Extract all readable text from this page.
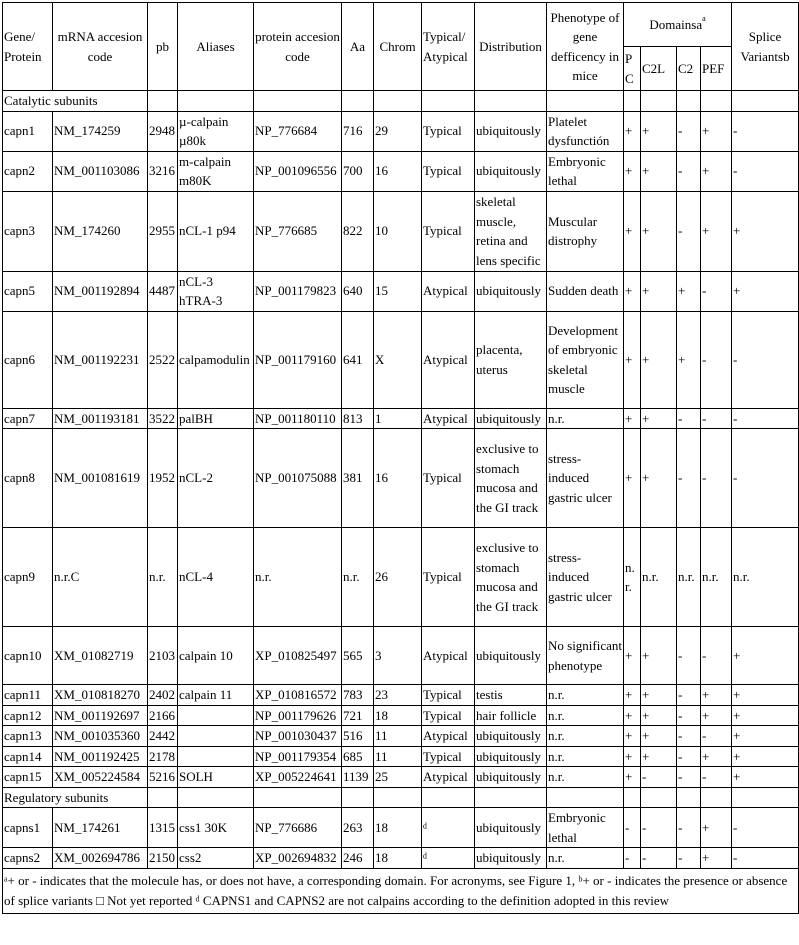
Gene/ Protein	mRNA accesion code	pb	Aliases	protein accesion code	Aa	Chrom	Typical/ Atypical	Distribution	Phenotype of gene defficency in mice	Domainsa$^a$				Splice Variantsb
										PC	C2L	C2	PEF	
Catalytic subunits														
capn1	NM_174259	2948	µ-calpain µ80k	NP_776684	716	29	Typical	ubiquitously	Platelet dysfunctión	+	+	-	+	-
capn2	NM_001103086	3216	m-calpain m80K	NP_001096556	700	16	Typical	ubiquitously	Embryonic lethal	+	+	-	+	-
capn3	NM_174260	2955	nCL-1 p94	NP_776685	822	10	Typical	skeletal muscle, retina and lens specific	Muscular distrophy	+	+	-	+	+
capn5	NM_001192894	4487	nCL-3 hTRA-3	NP_001179823	640	15	Atypical	ubiquitously	Sudden death	+	+	+	-	+
capn6	NM_001192231	2522	calpamodulin	NP_001179160	641	X	Atypical	placenta, uterus	Development of embryonic skeletal muscle	+	+	+	-	-
capn7	NM_001193181	3522	palBH	NP_001180110	813	1	Atypical	ubiquitously	n.r.	+	+	-	-	-
capn8	NM_001081619	1952	nCL-2	NP_001075088	381	16	Typical	exclusive to stomach mucosa and the GI track	stress-induced gastric ulcer	+	+	-	-	-
capn9	n.r.C	n.r.	nCL-4	n.r.	n.r.	26	Typical	exclusive to stomach mucosa and the GI track	stress-induced gastric ulcer	n.r.	n.r.	n.r.	n.r.	n.r.
capn10	XM_01082719	2103	calpain 10	XP_010825497	565	3	Atypical	ubiquitously	No significant phenotype	+	+	-	-	+
capn11	XM_010818270	2402	calpain 11	XP_010816572	783	23	Typical	testis	n.r.	+	+	-	+	+
capn12	NM_001192697	2166		NP_001179626	721	18	Typical	hair follicle	n.r.	+	+	-	+	+
capn13	NM_001035360	2442		NP_001030437	516	11	Atypical	ubiquitously	n.r.	+	+	-	-	+
capn14	NM_001192425	2178		NP_001179354	685	11	Typical	ubiquitously	n.r.	+	+	-	+	+
capn15	XM_005224584	5216	SOLH	XP_005224641	1139	25	Atypical	ubiquitously	n.r.	+	-	-	-	+
Regulatory subunits														
capns1	NM_174261	1315	css1 30K	NP_776686	263	18	ᵈ	ubiquitously	Embryonic lethal	-	-	-	+	-
capns2	XM_002694786	2150	css2	XP_002694832	246	18	ᵈ	ubiquitously	n.r.	-	-	-	+	-
ᵃ+ or - indicates that the molecule has, or does not have, a corresponding domain. For acronyms, see Figure 1, ᵇ+ or - indicates the presence or absence of splice variants □ Not yet reported ᵈ CAPNS1 and CAPNS2 are not calpains according to the definition adopted in this review														
